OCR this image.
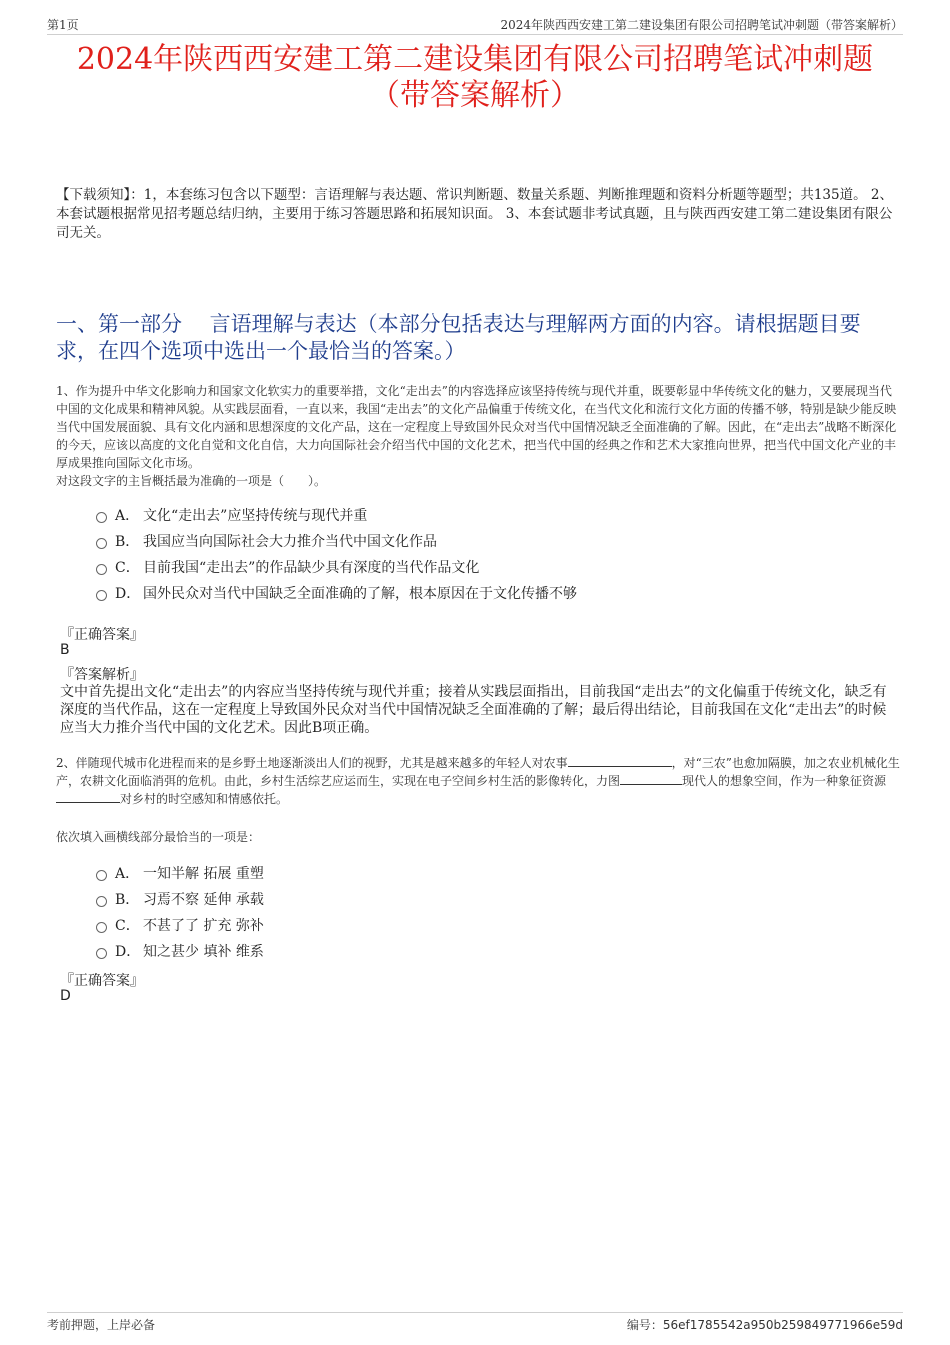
第1页	2024年陕西西安建工第二建设集团有限公司招聘笔试冲刺题（带答案解析）
2024年陕西西安建工第二建设集团有限公司招聘笔试冲刺题
（带答案解析）
【下载须知】：1，本套练习包含以下题型：言语理解与表达题、常识判断题、数量关系题、判断推理题和资料分析题等题型；共135道。 2、本套试题根据常见招考题总结归纳，主要用于练习答题思路和拓展知识面。 3、本套试题非考试真题，且与陕西西安建工第二建设集团有限公司无关。
一、第一部分　 言语理解与表达（本部分包括表达与理解两方面的内容。请根据题目要求，在四个选项中选出一个最恰当的答案。）

1、作为提升中华文化影响力和国家文化软实力的重要举措，文化“走出去”的内容选择应该坚持传统与现代并重，既要彰显中华传统文化的魅力，又要展现当代中国的文化成果和精神风貌。从实践层面看，一直以来，我国“走出去”的文化产品偏重于传统文化，在当代文化和流行文化方面的传播不够，特别是缺少能反映当代中国发展面貌、具有文化内涵和思想深度的文化产品，这在一定程度上导致国外民众对当代中国情况缺乏全面准确的了解。因此，在“走出去”战略不断深化的今天，应该以高度的文化自觉和文化自信，大力向国际社会介绍当代中国的文化艺术，把当代中国的经典之作和艺术大家推向世界，把当代中国文化产业的丰厚成果推向国际文化市场。

对这段文字的主旨概括最为准确的一项是（　　）。

A． 文化“走出去”应坚持传统与现代并重
B． 我国应当向国际社会大力推介当代中国文化作品
C． 目前我国“走出去”的作品缺少具有深度的当代作品文化
D． 国外民众对当代中国缺乏全面准确的了解，根本原因在于文化传播不够
『正确答案』
B
『答案解析』
文中首先提出文化“走出去”的内容应当坚持传统与现代并重；接着从实践层面指出，目前我国“走出去”的文化偏重于传统文化，缺乏有深度的当代作品，这在一定程度上导致国外民众对当代中国情况缺乏全面准确的了解；最后得出结论，目前我国在文化“走出去”的时候应当大力推介当代中国的文化艺术。因此B项正确。

2、伴随现代城市化进程而来的是乡野土地逐渐淡出人们的视野，尤其是越来越多的年轻人对农事	，对“三农”也愈加隔膜，加之农业机械化生产，农耕文化面临消弭的危机。由此，乡村生活综艺应运而生，实现在电子空间乡村生活的影像转化，力图	现代人的想象空间，作为一种象征资源对乡村的时空感知和情感依托。

依次填入画横线部分最恰当的一项是：
A． 一知半解 拓展 重塑
B． 习焉不察 延伸 承载
C． 不甚了了 扩充 弥补
D． 知之甚少 填补 维系
『正确答案』
D
考前押题，上岸必备	编号：56ef1785542a950b259849771966e59d
